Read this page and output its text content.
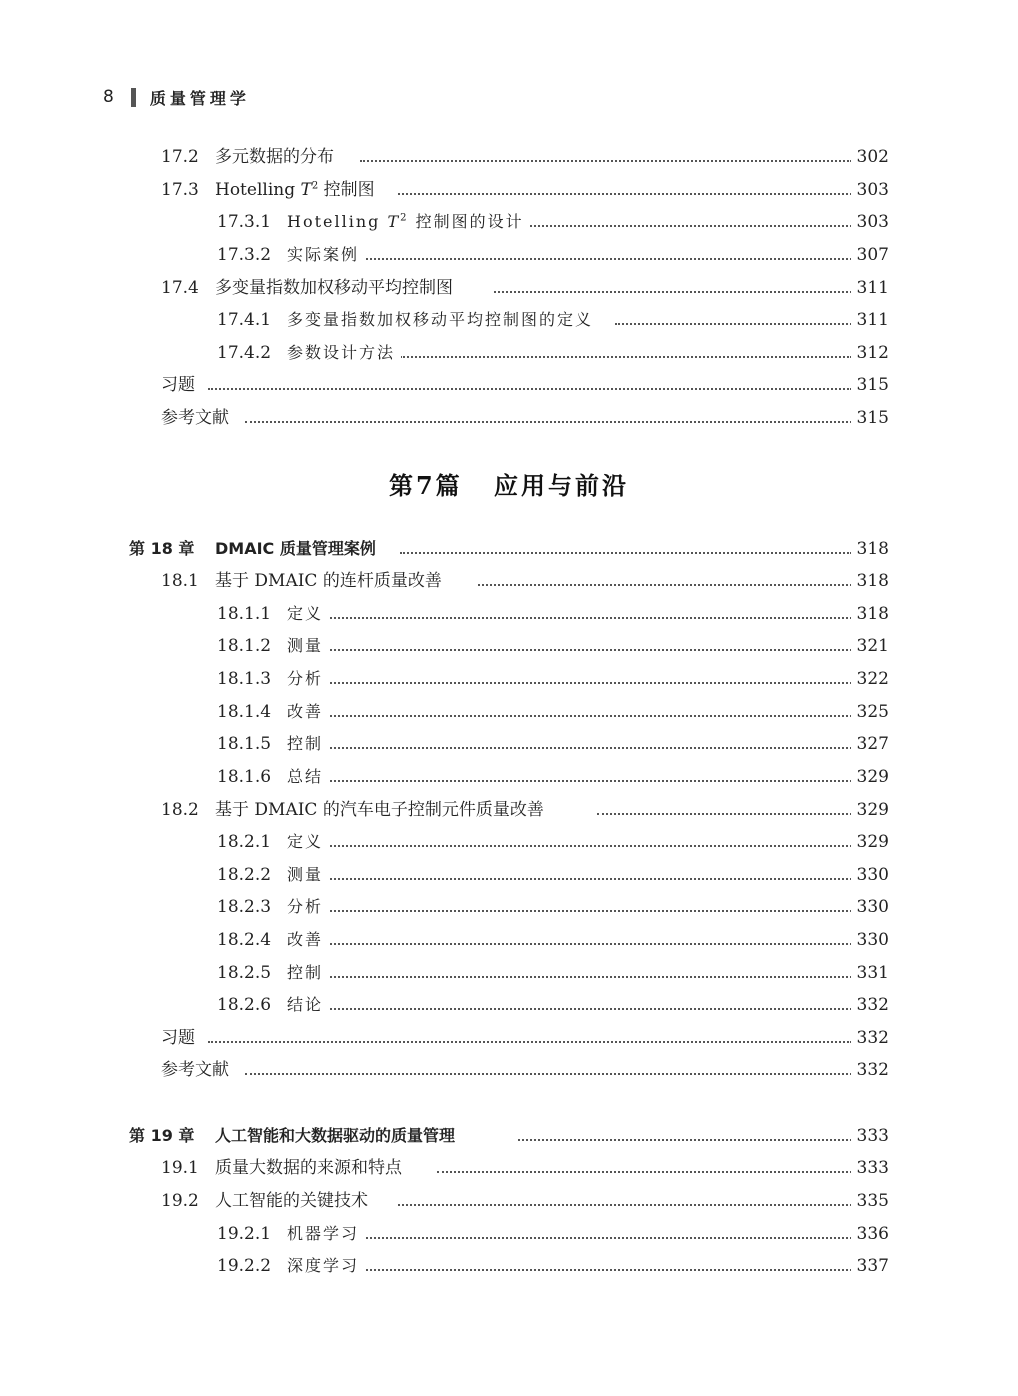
8 质量管理学
17.2 多元数据的分布	302
17.3 Hotelling $T^2$ 控制图	303
17.3.1 Hotelling $T^2$ 控制图的设计	303
17.3.2 实际案例	307
17.4 多变量指数加权移动平均控制图	311
17.4.1 多变量指数加权移动平均控制图的定义	311
17.4.2 参数设计方法	312
习题	315
参考文献	315
第7篇 应用与前沿
第 18 章 DMAIC 质量管理案例	318
18.1 基于 DMAIC 的连杆质量改善	318
18.1.1 定义	318
18.1.2 测量	321
18.1.3 分析	322
18.1.4 改善	325
18.1.5 控制	327
18.1.6 总结	329
18.2 基于 DMAIC 的汽车电子控制元件质量改善	329
18.2.1 定义	329
18.2.2 测量	330
18.2.3 分析	330
18.2.4 改善	330
18.2.5 控制	331
18.2.6 结论	332
习题	332
参考文献	332
第 19 章 人工智能和大数据驱动的质量管理	333
19.1 质量大数据的来源和特点	333
19.2 人工智能的关键技术	335
19.2.1 机器学习	336
19.2.2 深度学习	337
